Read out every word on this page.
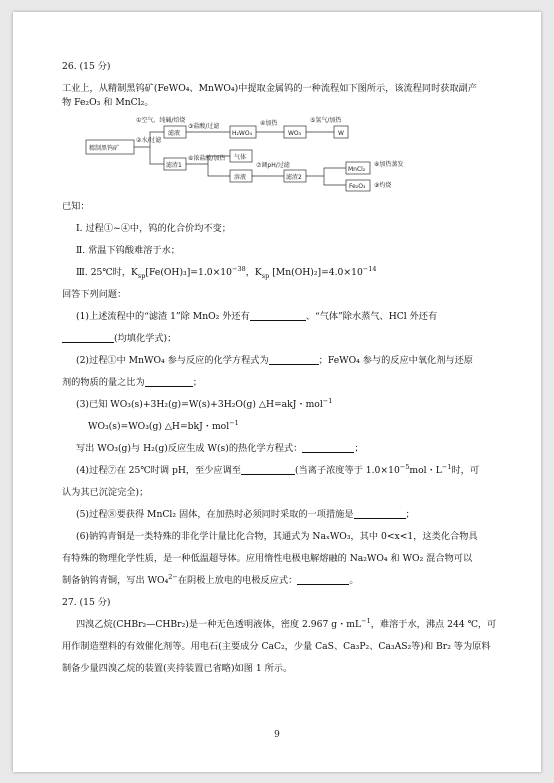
26. (15 分)
工业上，从精制黑钨矿(FeWO₄、MnWO₄)中提取金属钨的一种流程如下图所示，该流程同时获取副产
物 Fe₂O₃ 和 MnCl₂。
精制黑钨矿
①空气、纯碱/焙烧
②水/过滤
滤液
滤渣1
③盐酸/过滤
H₂WO₄
④加热
WO₃
⑤氢气/加热
W
⑥浓盐酸/加热 气体
溶液
⑦调pH/过滤
滤渣2
⑧加热蒸发
MnCl₂
⑨灼烧
Fe₂O₃
已知：
Ⅰ. 过程①~④中，钨的化合价均不变；
Ⅱ. 常温下钨酸难溶于水；
Ⅲ. 25℃时，$K_{sp}[Fe(OH)_3]=1.0\times 10^{-38}$，$K_{sp}$ $[Mn(OH)_2]=4.0\times 10^{-14}$
回答下列问题：
(1)上述流程中的“滤渣 1”除 MnO₂ 外还有	、“气体”除水蒸气、HCl 外还有
(均填化学式)；
(2)过程①中 MnWO₄ 参与反应的化学方程式为	；FeWO₄ 参与的反应中氧化剂与还原
剂的物质的量之比为	；
(3)已知 WO₃(s)+3H₂(g)=W(s)+3H₂O(g) △H=akJ・mol$^{-1}$
WO₃(s)=WO₃(g) △H=bkJ・mol$^{-1}$
写出 WO₃(g)与 H₂(g)反应生成 W(s)的热化学方程式：	；
(4)过程⑦在 25℃时调 pH，至少应调至	(当离子浓度等于 $1.0\times 10^{-5}mol$・$L^{-1}$时，可
认为其已沉淀完全)；
(5)过程⑧要获得 MnCl₂ 固体，在加热时必须同时采取的一项措施是	；
(6)钠钨青铜是一类特殊的非化学计量比化合物，其通式为 NaₓWO₃，其中 0<x<1，这类化合物具
有特殊的物理化学性质，是一种低温超导体。应用惰性电极电解熔融的 Na₂WO₄ 和 WO₂ 混合物可以
制备钠钨青铜，写出 WO₄$^{2-}$在阴极上放电的电极反应式：	。
27. (15 分)
四溴乙烷(CHBr₂—CHBr₂)是一种无色透明液体，密度 2.967 g・$mL^{-1}$，难溶于水，沸点 244 ℃，可
用作制造塑料的有效催化剂等。用电石(主要成分 CaC₂，少量 CaS、Ca₃P₂、Ca₃AS₂等)和 Br₂ 等为原料
制备少量四溴乙烷的装置(夹持装置已省略)如图 1 所示。
9
